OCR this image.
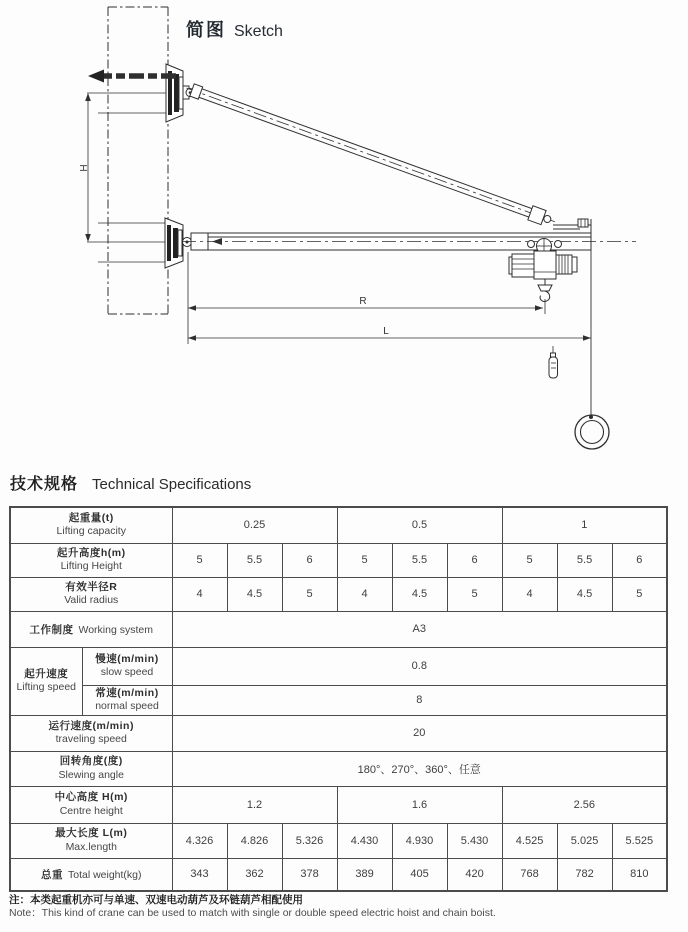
H
R
L
简图 Sketch
技术规格 Technical Specifications
起重量(t)
Lifting capacity		0.25			0.5			1		

起升高度h(m)
Lifting Height		5	5.5	6	5	5.5	6	5	5.5	6

有效半径R
Valid radius		4	4.5	5	4	4.5	5	4	4.5	5
工作制度 Working system		A3								

起升速度
Lifting speed

慢速(m/min)
slow speed	0.8

	常速(m/min)
normal speed	8								

运行速度(m/min)
traveling speed		20								

回转角度(度)
Slewing angle		180°、270°、360°、任意								

中心高度 H(m)
Centre height		1.2			1.6			2.56		

最大长度 L(m)
Max.length		4.326	4.826	5.326	4.430	4.930	5.430	4.525	5.025	5.525
总重 Total weight(kg)		343	362	378	389	405	420	768	782	810
注：本类起重机亦可与单速、双速电动葫芦及环链葫芦相配使用
Note：This kind of crane can be used to match with single or double speed electric hoist and chain boist.
